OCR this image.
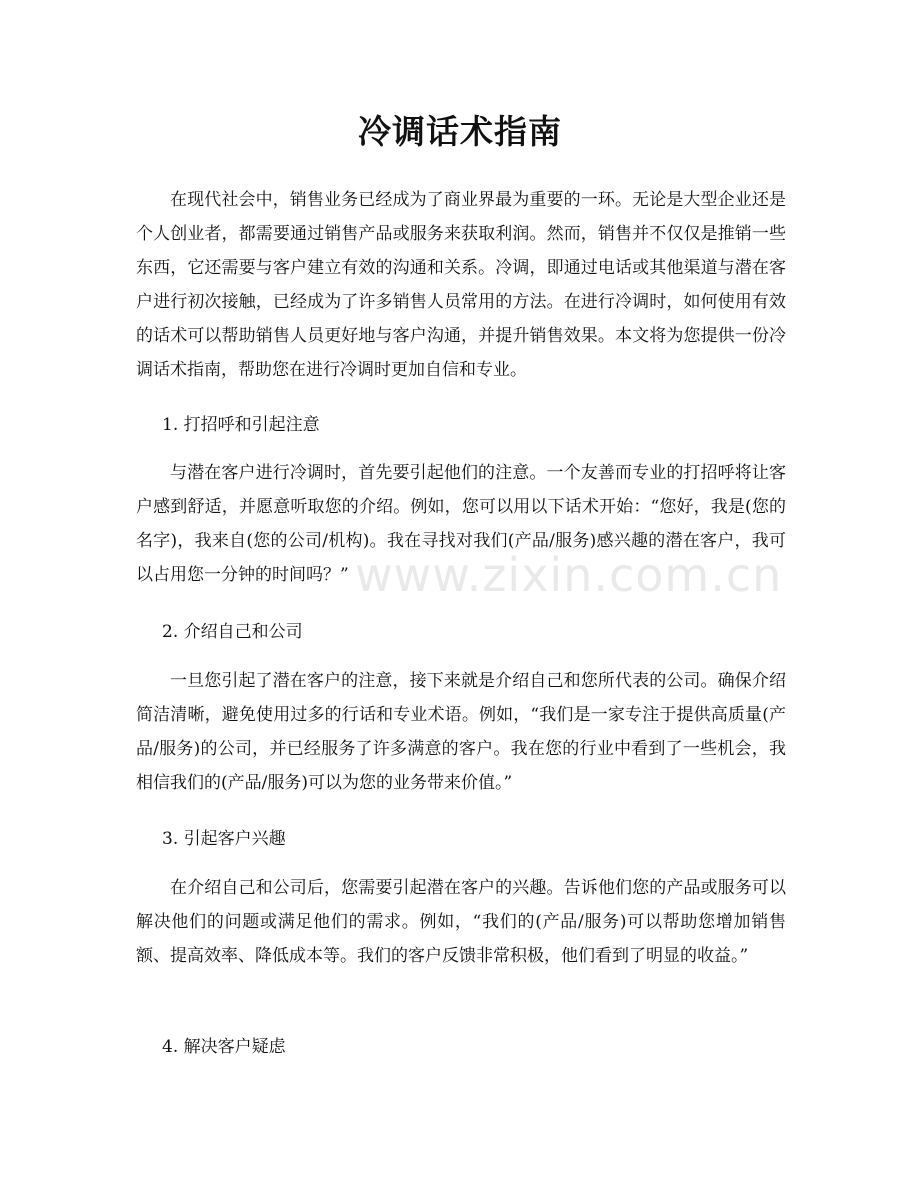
冷调话术指南

在现代社会中，销售业务已经成为了商业界最为重要的一环。无论是大型企业还是个人创业者，都需要通过销售产品或服务来获取利润。然而，销售并不仅仅是推销一些东西，它还需要与客户建立有效的沟通和关系。冷调，即通过电话或其他渠道与潜在客户进行初次接触，已经成为了许多销售人员常用的方法。在进行冷调时，如何使用有效的话术可以帮助销售人员更好地与客户沟通，并提升销售效果。本文将为您提供一份冷调话术指南，帮助您在进行冷调时更加自信和专业。

1. 打招呼和引起注意

与潜在客户进行冷调时，首先要引起他们的注意。一个友善而专业的打招呼将让客户感到舒适，并愿意听取您的介绍。例如，您可以用以下话术开始：“您好，我是(您的名字)，我来自(您的公司/机构)。我在寻找对我们(产品/服务)感兴趣的潜在客户，我可以占用您一分钟的时间吗？”

2. 介绍自己和公司

一旦您引起了潜在客户的注意，接下来就是介绍自己和您所代表的公司。确保介绍简洁清晰，避免使用过多的行话和专业术语。例如，“我们是一家专注于提供高质量(产品/服务)的公司，并已经服务了许多满意的客户。我在您的行业中看到了一些机会，我相信我们的(产品/服务)可以为您的业务带来价值。”

3. 引起客户兴趣

在介绍自己和公司后，您需要引起潜在客户的兴趣。告诉他们您的产品或服务可以解决他们的问题或满足他们的需求。例如，“我们的(产品/服务)可以帮助您增加销售额、提高效率、降低成本等。我们的客户反馈非常积极，他们看到了明显的收益。”

4. 解决客户疑虑

www.zixin.com.cn
